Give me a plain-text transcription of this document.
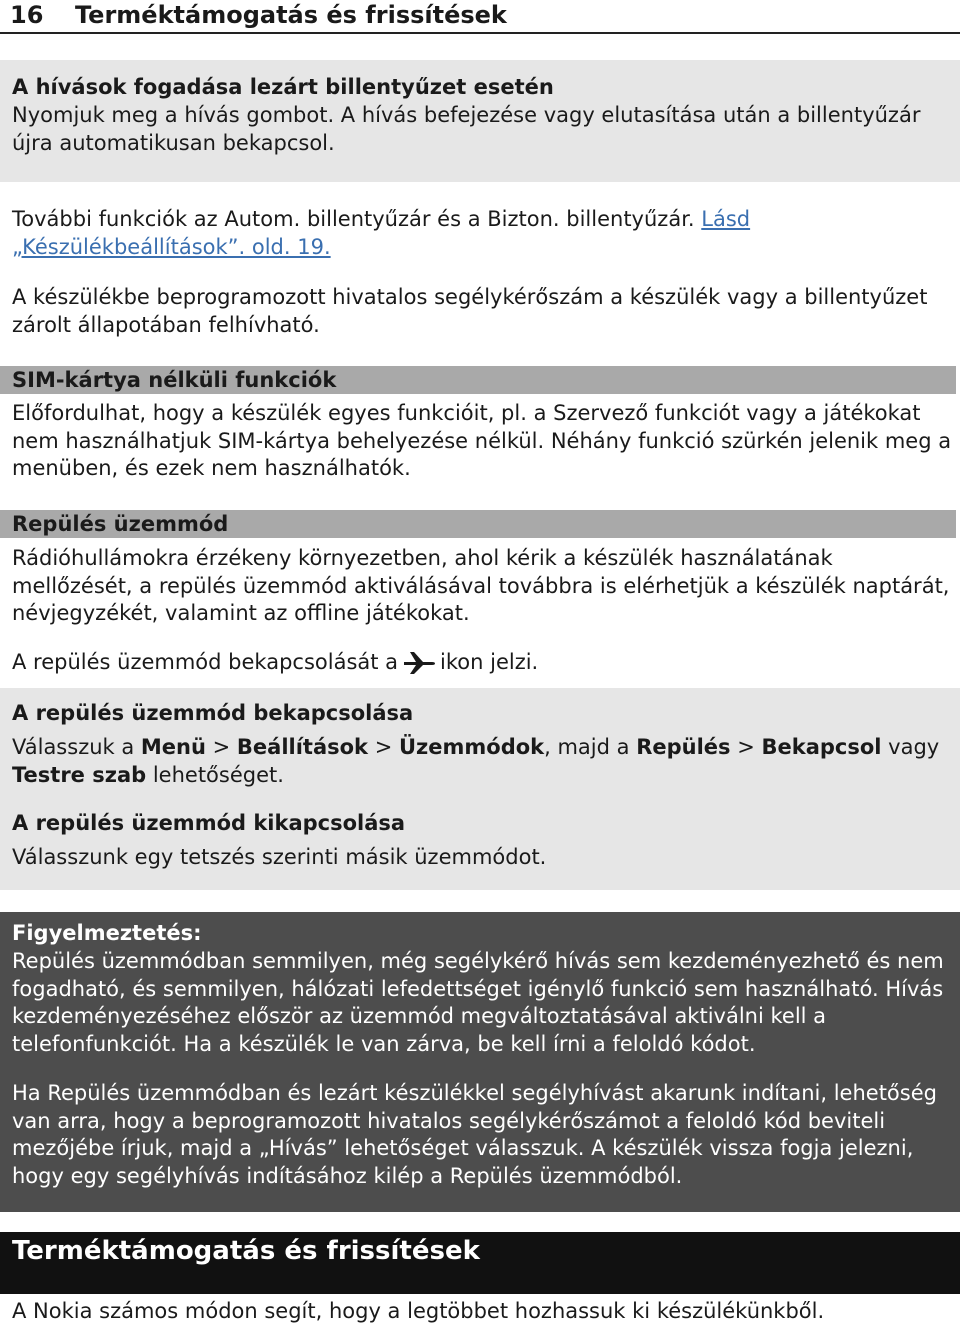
16 Terméktámogatás és frissítések

A hívások fogadása lezárt billentyűzet esetén

Nyomjuk meg a hívás gombot. A hívás befejezése vagy elutasítása után a billentyűzár újra automatikusan bekapcsol.

További funkciók az Autom. billentyűzár és a Bizton. billentyűzár. Lásd „Készülékbeállítások”. old. 19.

A készülékbe beprogramozott hivatalos segélykérőszám a készülék vagy a billentyűzet zárolt állapotában felhívható.

SIM-kártya nélküli funkciók

Előfordulhat, hogy a készülék egyes funkcióit, pl. a Szervező funkciót vagy a játékokat nem használhatjuk SIM-kártya behelyezése nélkül. Néhány funkció szürkén jelenik meg a menüben, és ezek nem használhatók.

Repülés üzemmód

Rádióhullámokra érzékeny környezetben, ahol kérik a készülék használatának mellőzését, a repülés üzemmód aktiválásával továbbra is elérhetjük a készülék naptárát, névjegyzékét, valamint az offline játékokat.

A repülés üzemmód bekapcsolását a ikon jelzi.

A repülés üzemmód bekapcsolása

Válasszuk a Menü > Beállítások > Üzemmódok, majd a Repülés > Bekapcsol vagy Testre szab lehetőséget.

A repülés üzemmód kikapcsolása

Válasszunk egy tetszés szerinti másik üzemmódot.

Figyelmeztetés:

Repülés üzemmódban semmilyen, még segélykérő hívás sem kezdeményezhető és nem fogadható, és semmilyen, hálózati lefedettséget igénylő funkció sem használható. Hívás kezdeményezéséhez először az üzemmód megváltoztatásával aktiválni kell a telefonfunkciót. Ha a készülék le van zárva, be kell írni a feloldó kódot.

Ha Repülés üzemmódban és lezárt készülékkel segélyhívást akarunk indítani, lehetőség van arra, hogy a beprogramozott hivatalos segélykérőszámot a feloldó kód beviteli mezőjébe írjuk, majd a „Hívás” lehetőséget válasszuk. A készülék vissza fogja jelezni, hogy egy segélyhívás indításához kilép a Repülés üzemmódból.

Terméktámogatás és frissítések

A Nokia számos módon segít, hogy a legtöbbet hozhassuk ki készülékünkből.
